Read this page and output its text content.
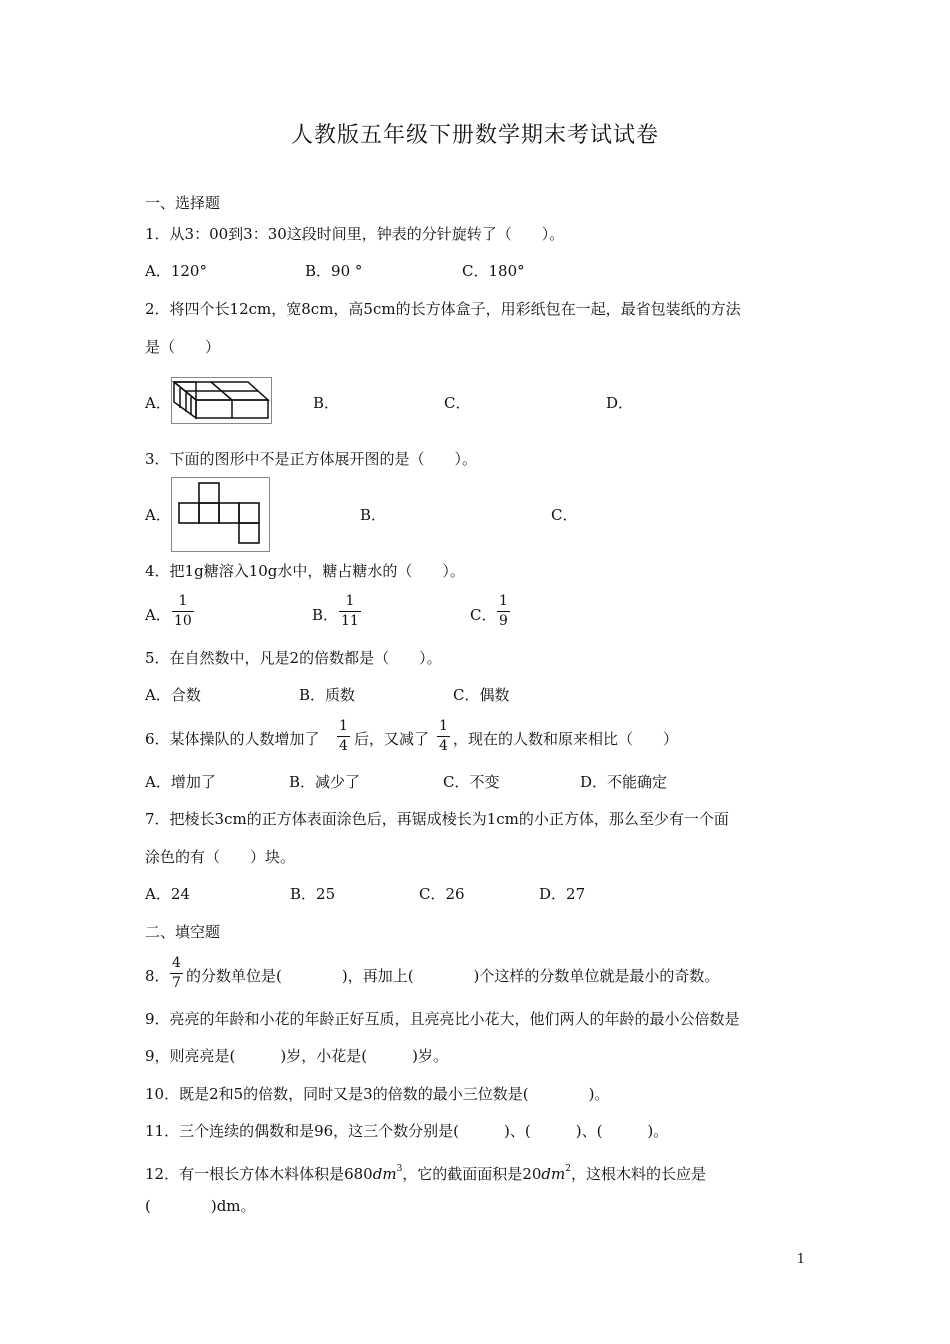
人教版五年级下册数学期末考试试卷
一、选择题
1．从3：00到3：30这段时间里，钟表的分针旋转了（　　）。
A．120°	B．90 °	C．180°
2．将四个长12cm，宽8cm，高5cm的长方体盒子，用彩纸包在一起，最省包装纸的方法
是（　　）
A．	B．	C．	D．
3．下面的图形中不是正方体展开图的是（　　）。
A．	B．	C．
4．把1g糖溶入10g水中，糖占糖水的（　　）。
A．
1
10	B．
1
11	C．
1
9
5．在自然数中，凡是2的倍数都是（　　）。
A．合数	B．质数	C．偶数
6．某体操队的人数增加了
1
4 后，又减了
1
4 ，现在的人数和原来相比（　　）
A．增加了	B．减少了	C．不变	D．不能确定
7．把棱长3cm的正方体表面涂色后，再锯成棱长为1cm的小正方体，那么至少有一个面
涂色的有（　　）块。
A．24	B．25	C．26	D．27
二、填空题
8．
4
7 的分数单位是(　　　　)，再加上(　　　　)个这样的分数单位就是最小的奇数。
9．亮亮的年龄和小花的年龄正好互质，且亮亮比小花大，他们两人的年龄的最小公倍数是
9，则亮亮是(　　　)岁，小花是(　　　)岁。
10．既是2和5的倍数，同时又是3的倍数的最小三位数是(　　　　)。
11．三个连续的偶数和是96，这三个数分别是(　　　)、(　　　)、(　　　)。
12．有一根长方体木料体积是$680dm^3$，它的截面面积是$20dm^2$，这根木料的长应是
(　　　　)dm。
1
